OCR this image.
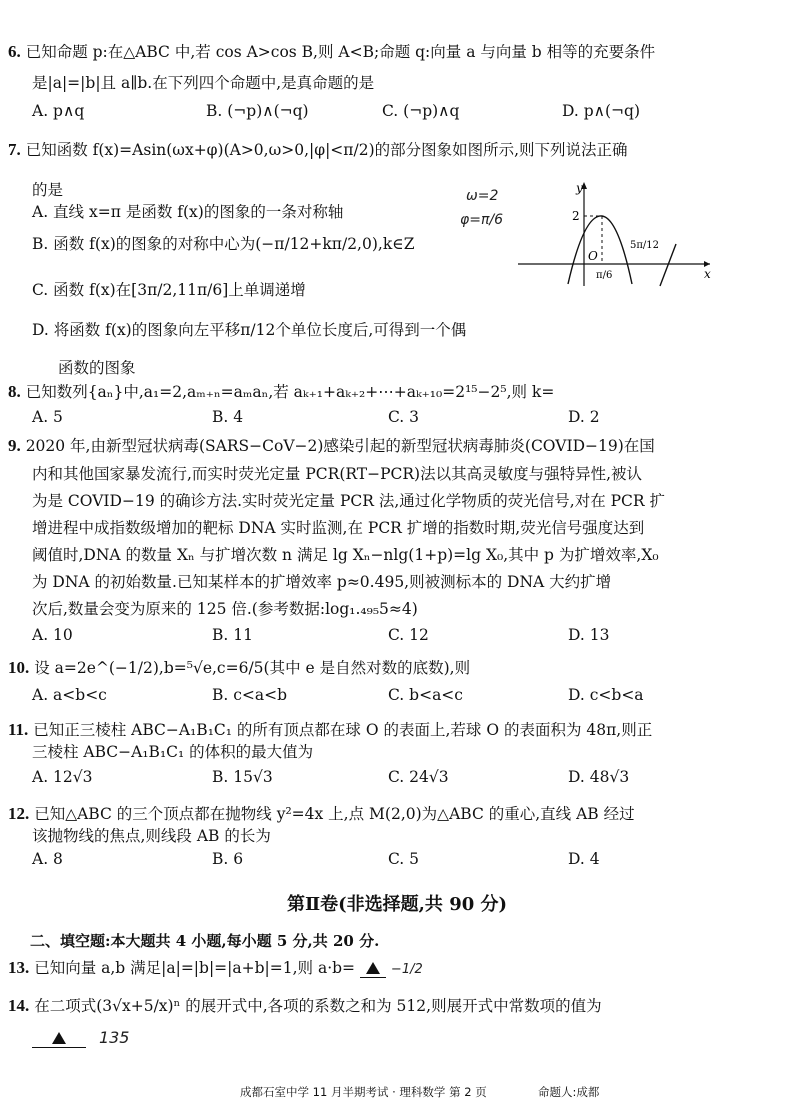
6. 已知命题 p:在△ABC 中,若 cos A>cos B,则 A<B;命题 q:向量 a 与向量 b 相等的充要条件
是|a|=|b|且 a∥b.在下列四个命题中,是真命题的是
A. p∧q	B. (¬p)∧(¬q)	C. (¬p)∧q	D. p∧(¬q)
7. 已知函数 f(x)=Asin(ωx+φ)(A>0,ω>0,|φ|<π/2)的部分图象如图所示,则下列说法正确
的是
A. 直线 x=π 是函数 f(x)的图象的一条对称轴
B. 函数 f(x)的图象的对称中心为(−π/12+kπ/2,0),k∈Z
C. 函数 f(x)在[3π/2,11π/6]上单调递增
D. 将函数 f(x)的图象向左平移π/12个单位长度后,可得到一个偶
函数的图象
ω=2
φ=π/6
y
x
2
O
π/6
5π/12
8. 已知数列{aₙ}中,a₁=2,aₘ₊ₙ=aₘaₙ,若 aₖ₊₁+aₖ₊₂+⋯+aₖ₊₁₀=2¹⁵−2⁵,则 k=
A. 5	B. 4	C. 3	D. 2
9. 2020 年,由新型冠状病毒(SARS−CoV−2)感染引起的新型冠状病毒肺炎(COVID−19)在国
内和其他国家暴发流行,而实时荧光定量 PCR(RT−PCR)法以其高灵敏度与强特异性,被认
为是 COVID−19 的确诊方法.实时荧光定量 PCR 法,通过化学物质的荧光信号,对在 PCR 扩
增进程中成指数级增加的靶标 DNA 实时监测,在 PCR 扩增的指数时期,荧光信号强度达到
阈值时,DNA 的数量 Xₙ 与扩增次数 n 满足 lg Xₙ−nlg(1+p)=lg X₀,其中 p 为扩增效率,X₀
为 DNA 的初始数量.已知某样本的扩增效率 p≈0.495,则被测标本的 DNA 大约扩增
次后,数量会变为原来的 125 倍.(参考数据:log₁.₄₉₅5≈4)
A. 10	B. 11	C. 12	D. 13
10. 设 a=2e^(−1/2),b=⁵√e,c=6/5(其中 e 是自然对数的底数),则
A. a<b<c	B. c<a<b	C. b<a<c	D. c<b<a
11. 已知正三棱柱 ABC−A₁B₁C₁ 的所有顶点都在球 O 的表面上,若球 O 的表面积为 48π,则正
三棱柱 ABC−A₁B₁C₁ 的体积的最大值为
A. 12√3	B. 15√3	C. 24√3	D. 48√3
12. 已知△ABC 的三个顶点都在抛物线 y²=4x 上,点 M(2,0)为△ABC 的重心,直线 AB 经过
该抛物线的焦点,则线段 AB 的长为
A. 8	B. 6	C. 5	D. 4
第Ⅱ卷(非选择题,共 90 分)
二、填空题:本大题共 4 小题,每小题 5 分,共 20 分.
13. 已知向量 a,b 满足|a|=|b|=|a+b|=1,则 a·b=	−1/2
14. 在二项式(3√x+5/x)ⁿ 的展开式中,各项的系数之和为 512,则展开式中常数项的值为
135
成都石室中学 11 月半期考试 · 理科数学 第 2 页	命题人:成都
